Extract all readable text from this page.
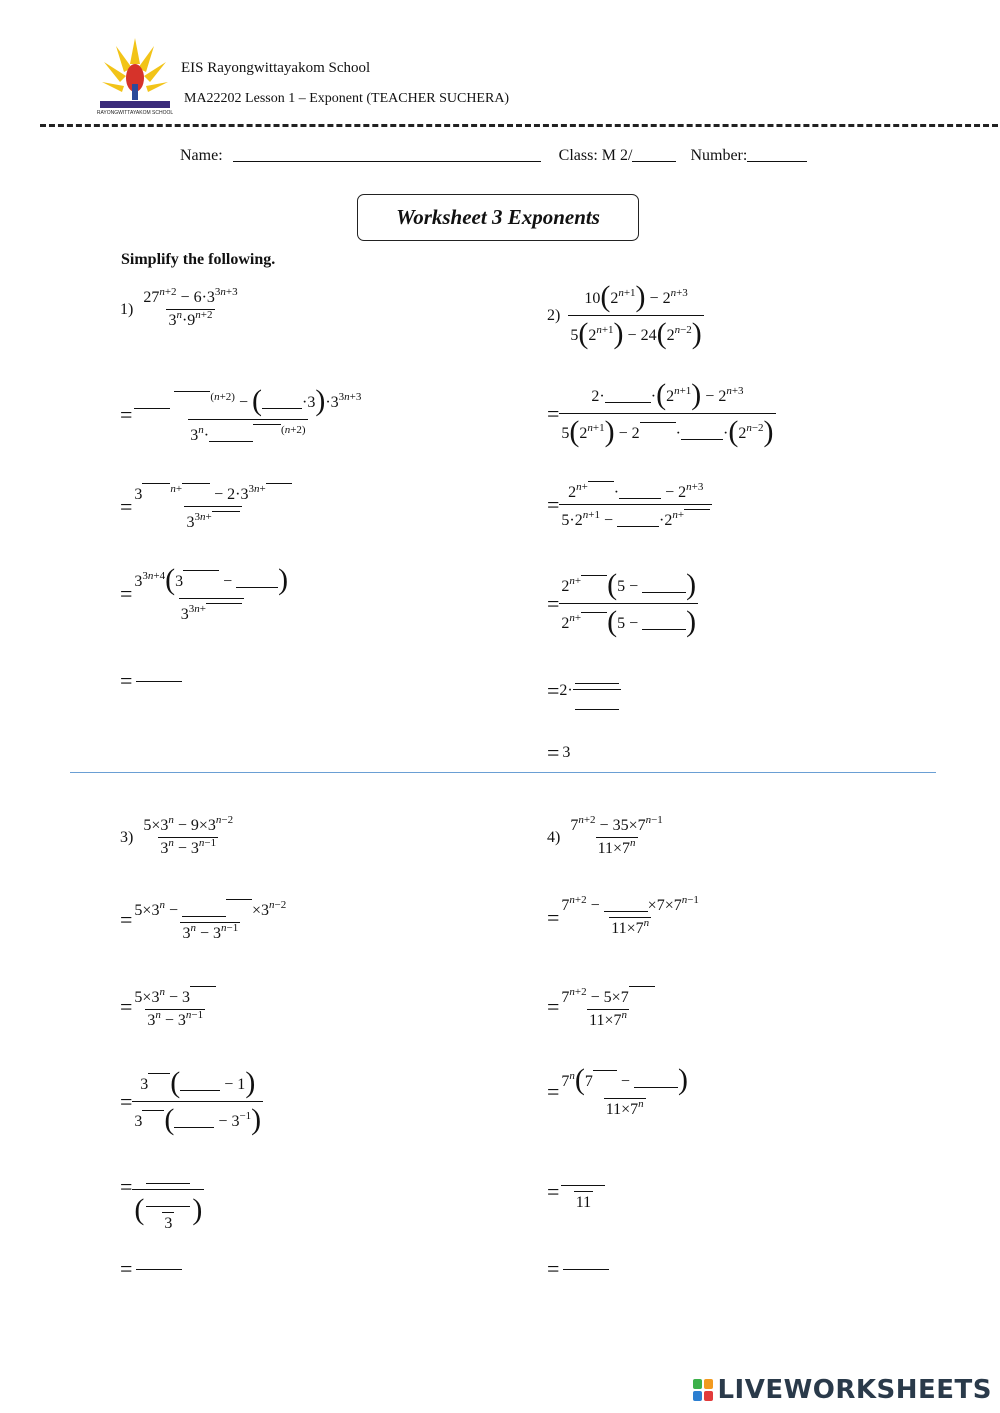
RAYONGWITTAYAKOM SCHOOL
EIS Rayongwittayakom School
MA22202 Lesson 1 – Exponent (TEACHER SUCHERA)
Name:	Class: M 2/	Number:
Worksheet 3 Exponents
Simplify the following.
$1) \frac{27^{n+2} - 6\cdot 3^{3n+3}}{3^n\cdot 9^{n+2}}$
= $^{(n+2)}$ − (	$\cdot 3)\cdot 3^{3n+3}$
$3^n\cdot$	$^{(n+2)}$
= 3	$^{n+} - 2\cdot 3^{3n+}$
$3^{3n+}$
= $\frac{3^{3n+4}(3 - )}{3^{3n+}}$
=
$2) \frac{10(2^{n+1}) - 2^{n+3}}{5(2^{n+1}) - 24(2^{n-2})}$
= 2·	$\cdot(2^{n+1}) - 2^{n+3}$
$5(2^{n+1}) - 2$ ·	$\cdot(2^{n-2})$
= $2^{n+}$ ·	− $2^{n+3}$
$5\cdot 2^{n+1}$ −	$\cdot 2^{n+}$
= $\frac{2^{n+} (5 - )}{2^{n+} (5 - )}$
= 2·
= 3
$3) \frac{5\times 3^n - 9\times 3^{n-2}}{3^n - 3^{n-1}}$
= $5\times 3^n$ −	$\times 3^{n-2}$
$3^n - 3^{n-1}$
= $\frac{5\times 3^n - 3}{3^n - 3^{n-1}}$
= 3 (	− 1)
3 (	− $3^{-1}$)
=
( 3 )
=
$4) \frac{7^{n+2} - 35\times 7^{n-1}}{11\times 7^n}$
= $7^{n+2}$ −	$\times 7\times 7^{n-1}$
$11\times 7^n$
= $\frac{7^{n+2} - 5\times 7}{11\times 7^n}$
= $\frac{7^n(7 - )}{11\times 7^n}$
= 11
=
LIVEWORKSHEETS
